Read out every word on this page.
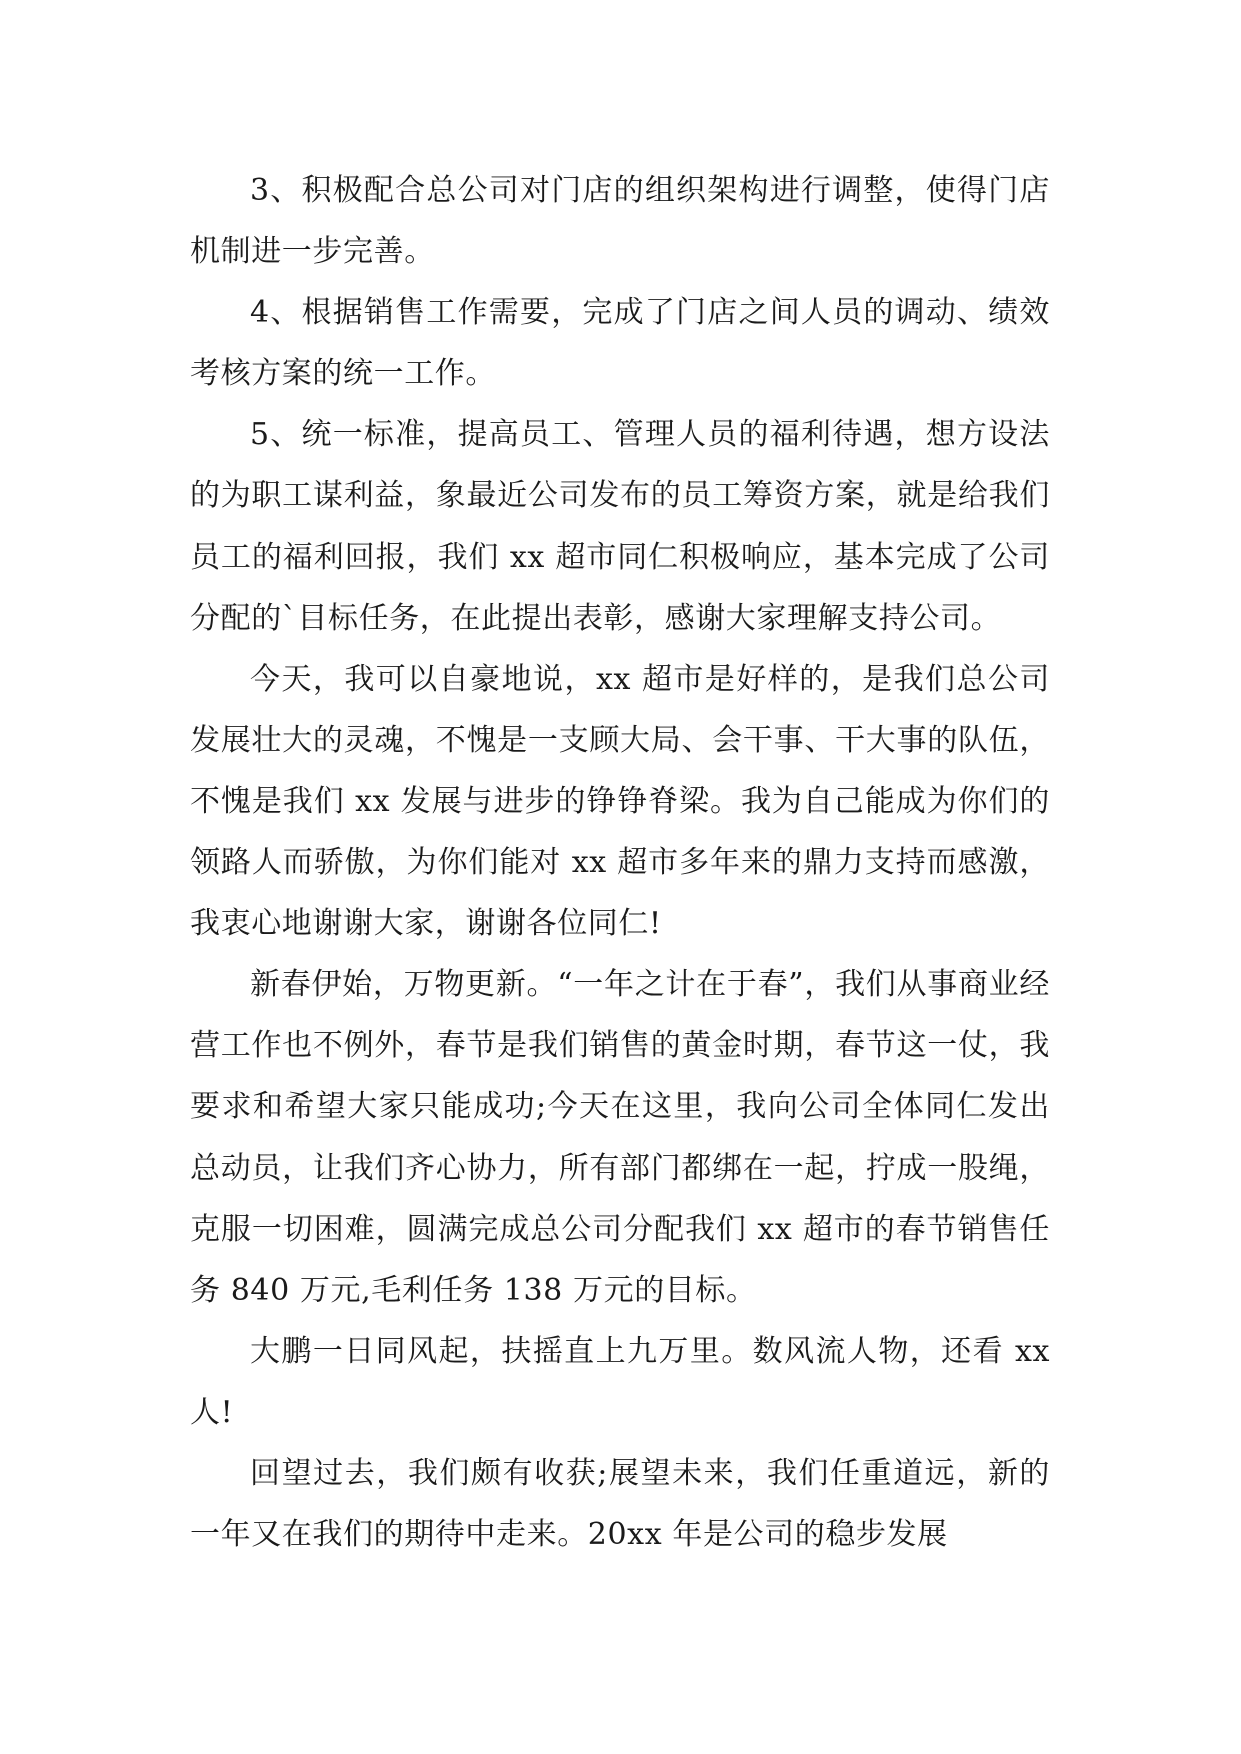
3、积极配合总公司对门店的组织架构进行调整，使得门店机制进一步完善。

4、根据销售工作需要，完成了门店之间人员的调动、绩效考核方案的统一工作。

5、统一标准，提高员工、管理人员的福利待遇，想方设法的为职工谋利益，象最近公司发布的员工筹资方案，就是给我们员工的福利回报，我们 xx 超市同仁积极响应，基本完成了公司分配的`目标任务，在此提出表彰，感谢大家理解支持公司。

今天，我可以自豪地说，xx 超市是好样的，是我们总公司发展壮大的灵魂，不愧是一支顾大局、会干事、干大事的队伍，不愧是我们 xx 发展与进步的铮铮脊梁。我为自己能成为你们的领路人而骄傲，为你们能对 xx 超市多年来的鼎力支持而感激，我衷心地谢谢大家，谢谢各位同仁!

新春伊始，万物更新。“一年之计在于春”，我们从事商业经营工作也不例外，春节是我们销售的黄金时期，春节这一仗，我要求和希望大家只能成功;今天在这里，我向公司全体同仁发出总动员，让我们齐心协力，所有部门都绑在一起，拧成一股绳，克服一切困难，圆满完成总公司分配我们 xx 超市的春节销售任务 840 万元,毛利任务 138 万元的目标。

大鹏一日同风起，扶摇直上九万里。数风流人物，还看 xx 人!

回望过去，我们颇有收获;展望未来，我们任重道远，新的一年又在我们的期待中走来。20xx 年是公司的稳步发展
